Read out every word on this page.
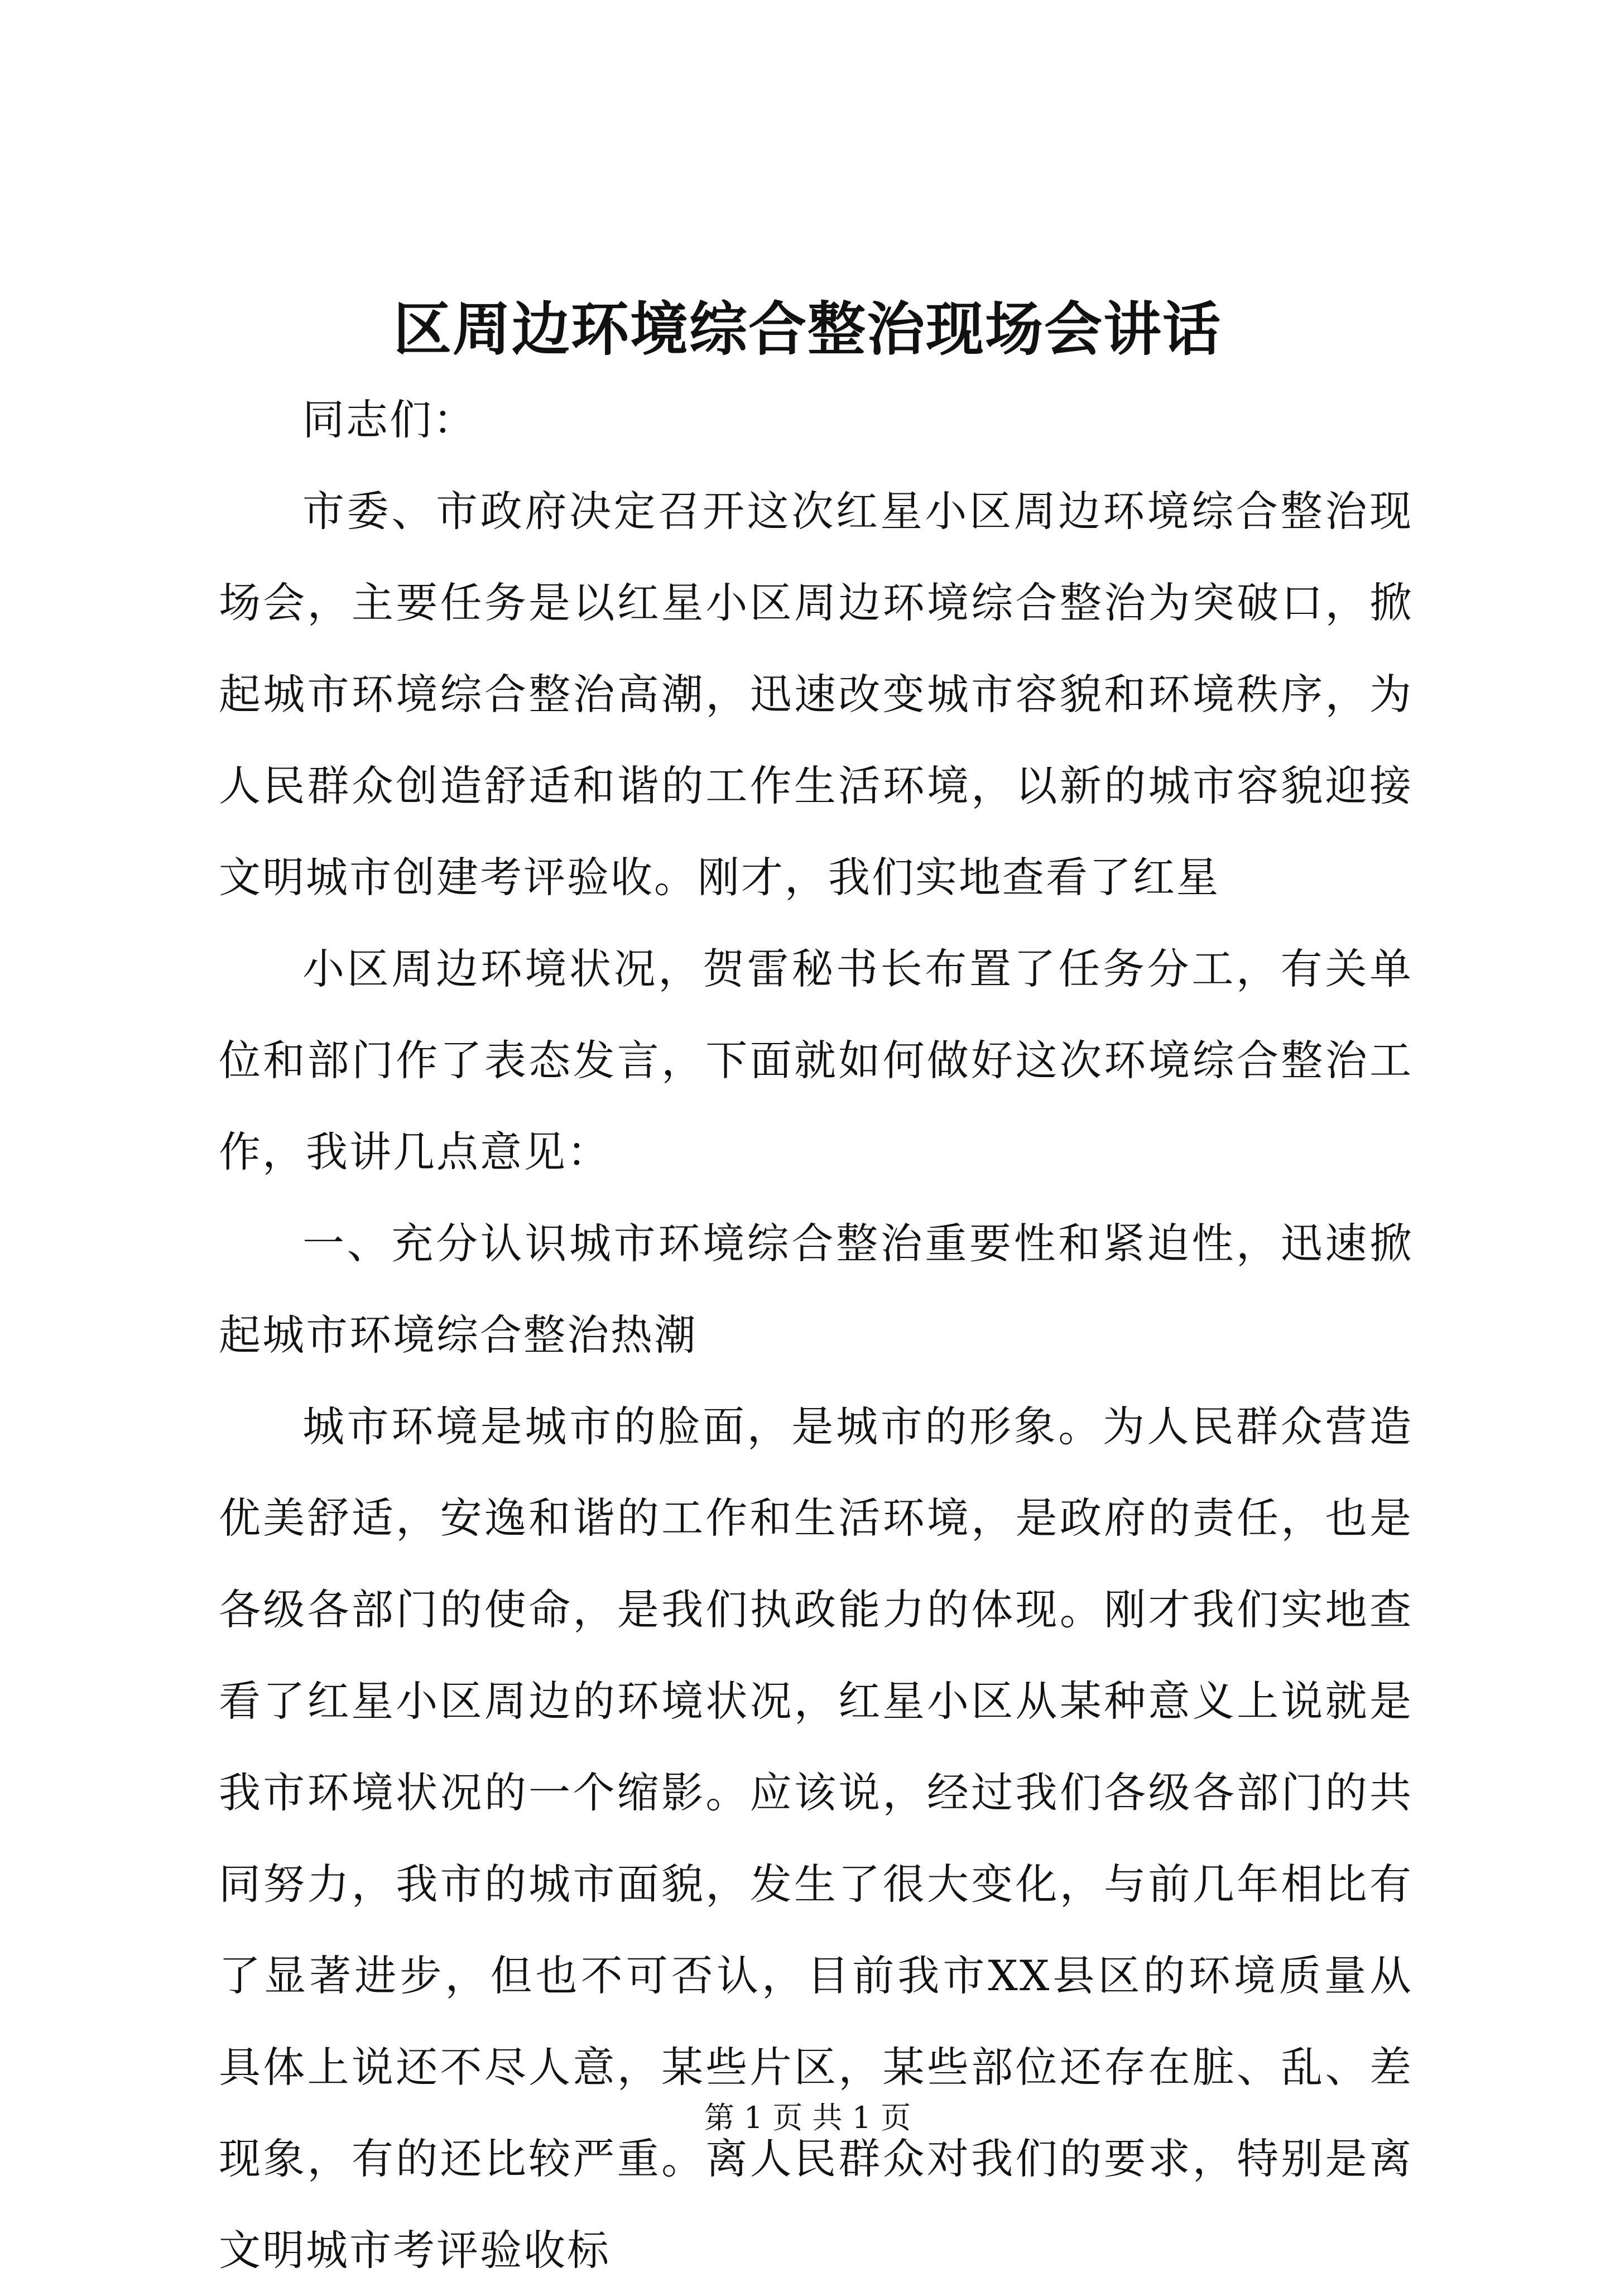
区周边环境综合整治现场会讲话

同志们：

市委、市政府决定召开这次红星小区周边环境综合整治现场会，主要任务是以红星小区周边环境综合整治为突破口，掀起城市环境综合整治高潮，迅速改变城市容貌和环境秩序，为人民群众创造舒适和谐的工作生活环境，以新的城市容貌迎接文明城市创建考评验收。刚才，我们实地查看了红星

小区周边环境状况，贺雷秘书长布置了任务分工，有关单位和部门作了表态发言，下面就如何做好这次环境综合整治工作，我讲几点意见：

一、充分认识城市环境综合整治重要性和紧迫性，迅速掀起城市环境综合整治热潮

城市环境是城市的脸面，是城市的形象。为人民群众营造优美舒适，安逸和谐的工作和生活环境，是政府的责任，也是各级各部门的使命，是我们执政能力的体现。刚才我们实地查看了红星小区周边的环境状况，红星小区从某种意义上说就是我市环境状况的一个缩影。应该说，经过我们各级各部门的共同努力，我市的城市面貌，发生了很大变化，与前几年相比有了显著进步，但也不可否认，目前我市XX县区的环境质量从具体上说还不尽人意，某些片区，某些部位还存在脏、乱、差现象，有的还比较严重。离人民群众对我们的要求，特别是离文明城市考评验收标

第 1 页 共 1 页
